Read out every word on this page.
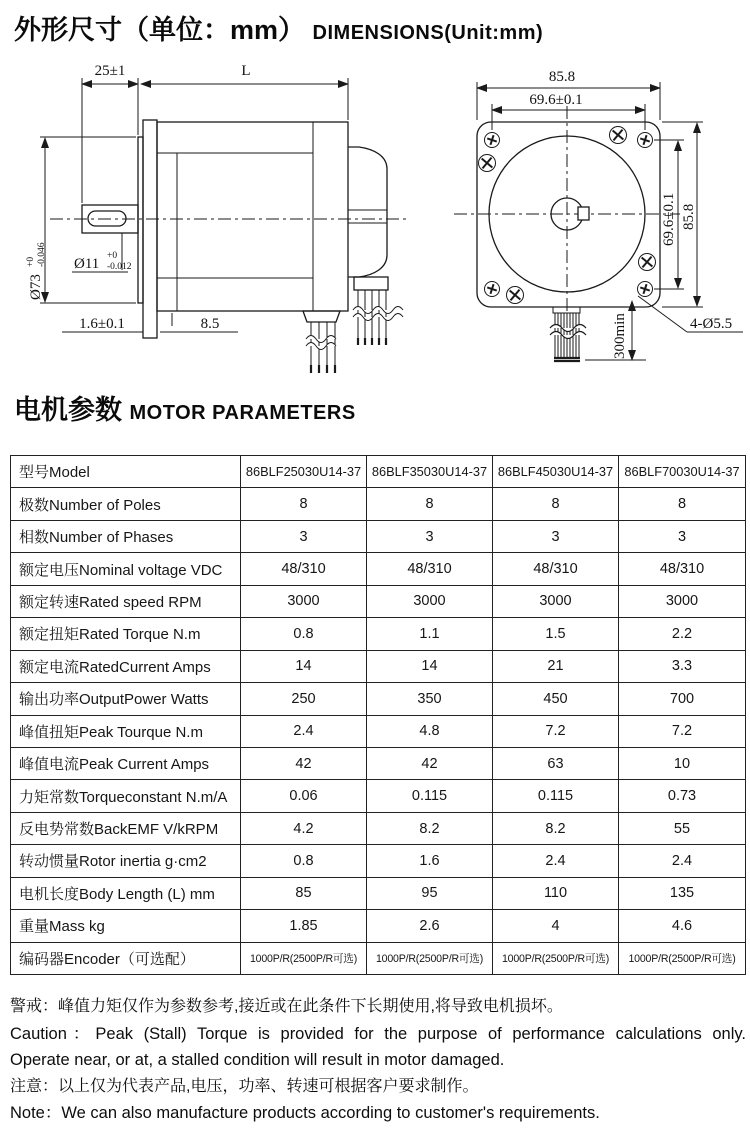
外形尺寸（单位：mm） DIMENSIONS(Unit:mm)
25±1	L
Ø73
+0 -0.046 Ø11 +0
-0.012
1.6±0.1	8.5
85.8
69.6±0.1
69.6±0.1 85.8
4-Ø5.5
300min
电机参数 MOTOR PARAMETERS
型号Model	86BLF25030U14-37	86BLF35030U14-37	86BLF45030U14-37	86BLF70030U14-37
极数Number of Poles	8	8	8	8
相数Number of Phases	3	3	3	3
额定电压Nominal voltage VDC	48/310	48/310	48/310	48/310
额定转速Rated speed RPM	3000	3000	3000	3000
额定扭矩Rated Torque N.m	0.8	1.1	1.5	2.2
额定电流RatedCurrent Amps	14	14	21	3.3
输出功率OutputPower Watts	250	350	450	700
峰值扭矩Peak Tourque N.m	2.4	4.8	7.2	7.2
峰值电流Peak Current Amps	42	42	63	10
力矩常数Torqueconstant N.m/A	0.06	0.115	0.115	0.73
反电势常数BackEMF V/kRPM	4.2	8.2	8.2	55
转动惯量Rotor inertia g·cm2	0.8	1.6	2.4	2.4
电机长度Body Length (L) mm	85	95	110	135
重量Mass kg	1.85	2.6	4	4.6
编码器Encoder（可选配）	1000P/R(2500P/R可选)	1000P/R(2500P/R可选)	1000P/R(2500P/R可选)	1000P/R(2500P/R可选)

警戒：峰值力矩仅作为参数参考,接近或在此条件下长期使用,将导致电机损坏。

Caution：Peak (Stall) Torque is provided for the purpose of performance calculations only.

Operate near, or at, a stalled condition will result in motor damaged.

注意：以上仅为代表产品,电压，功率、转速可根据客户要求制作。

Note：We can also manufacture products according to customer's requirements.
